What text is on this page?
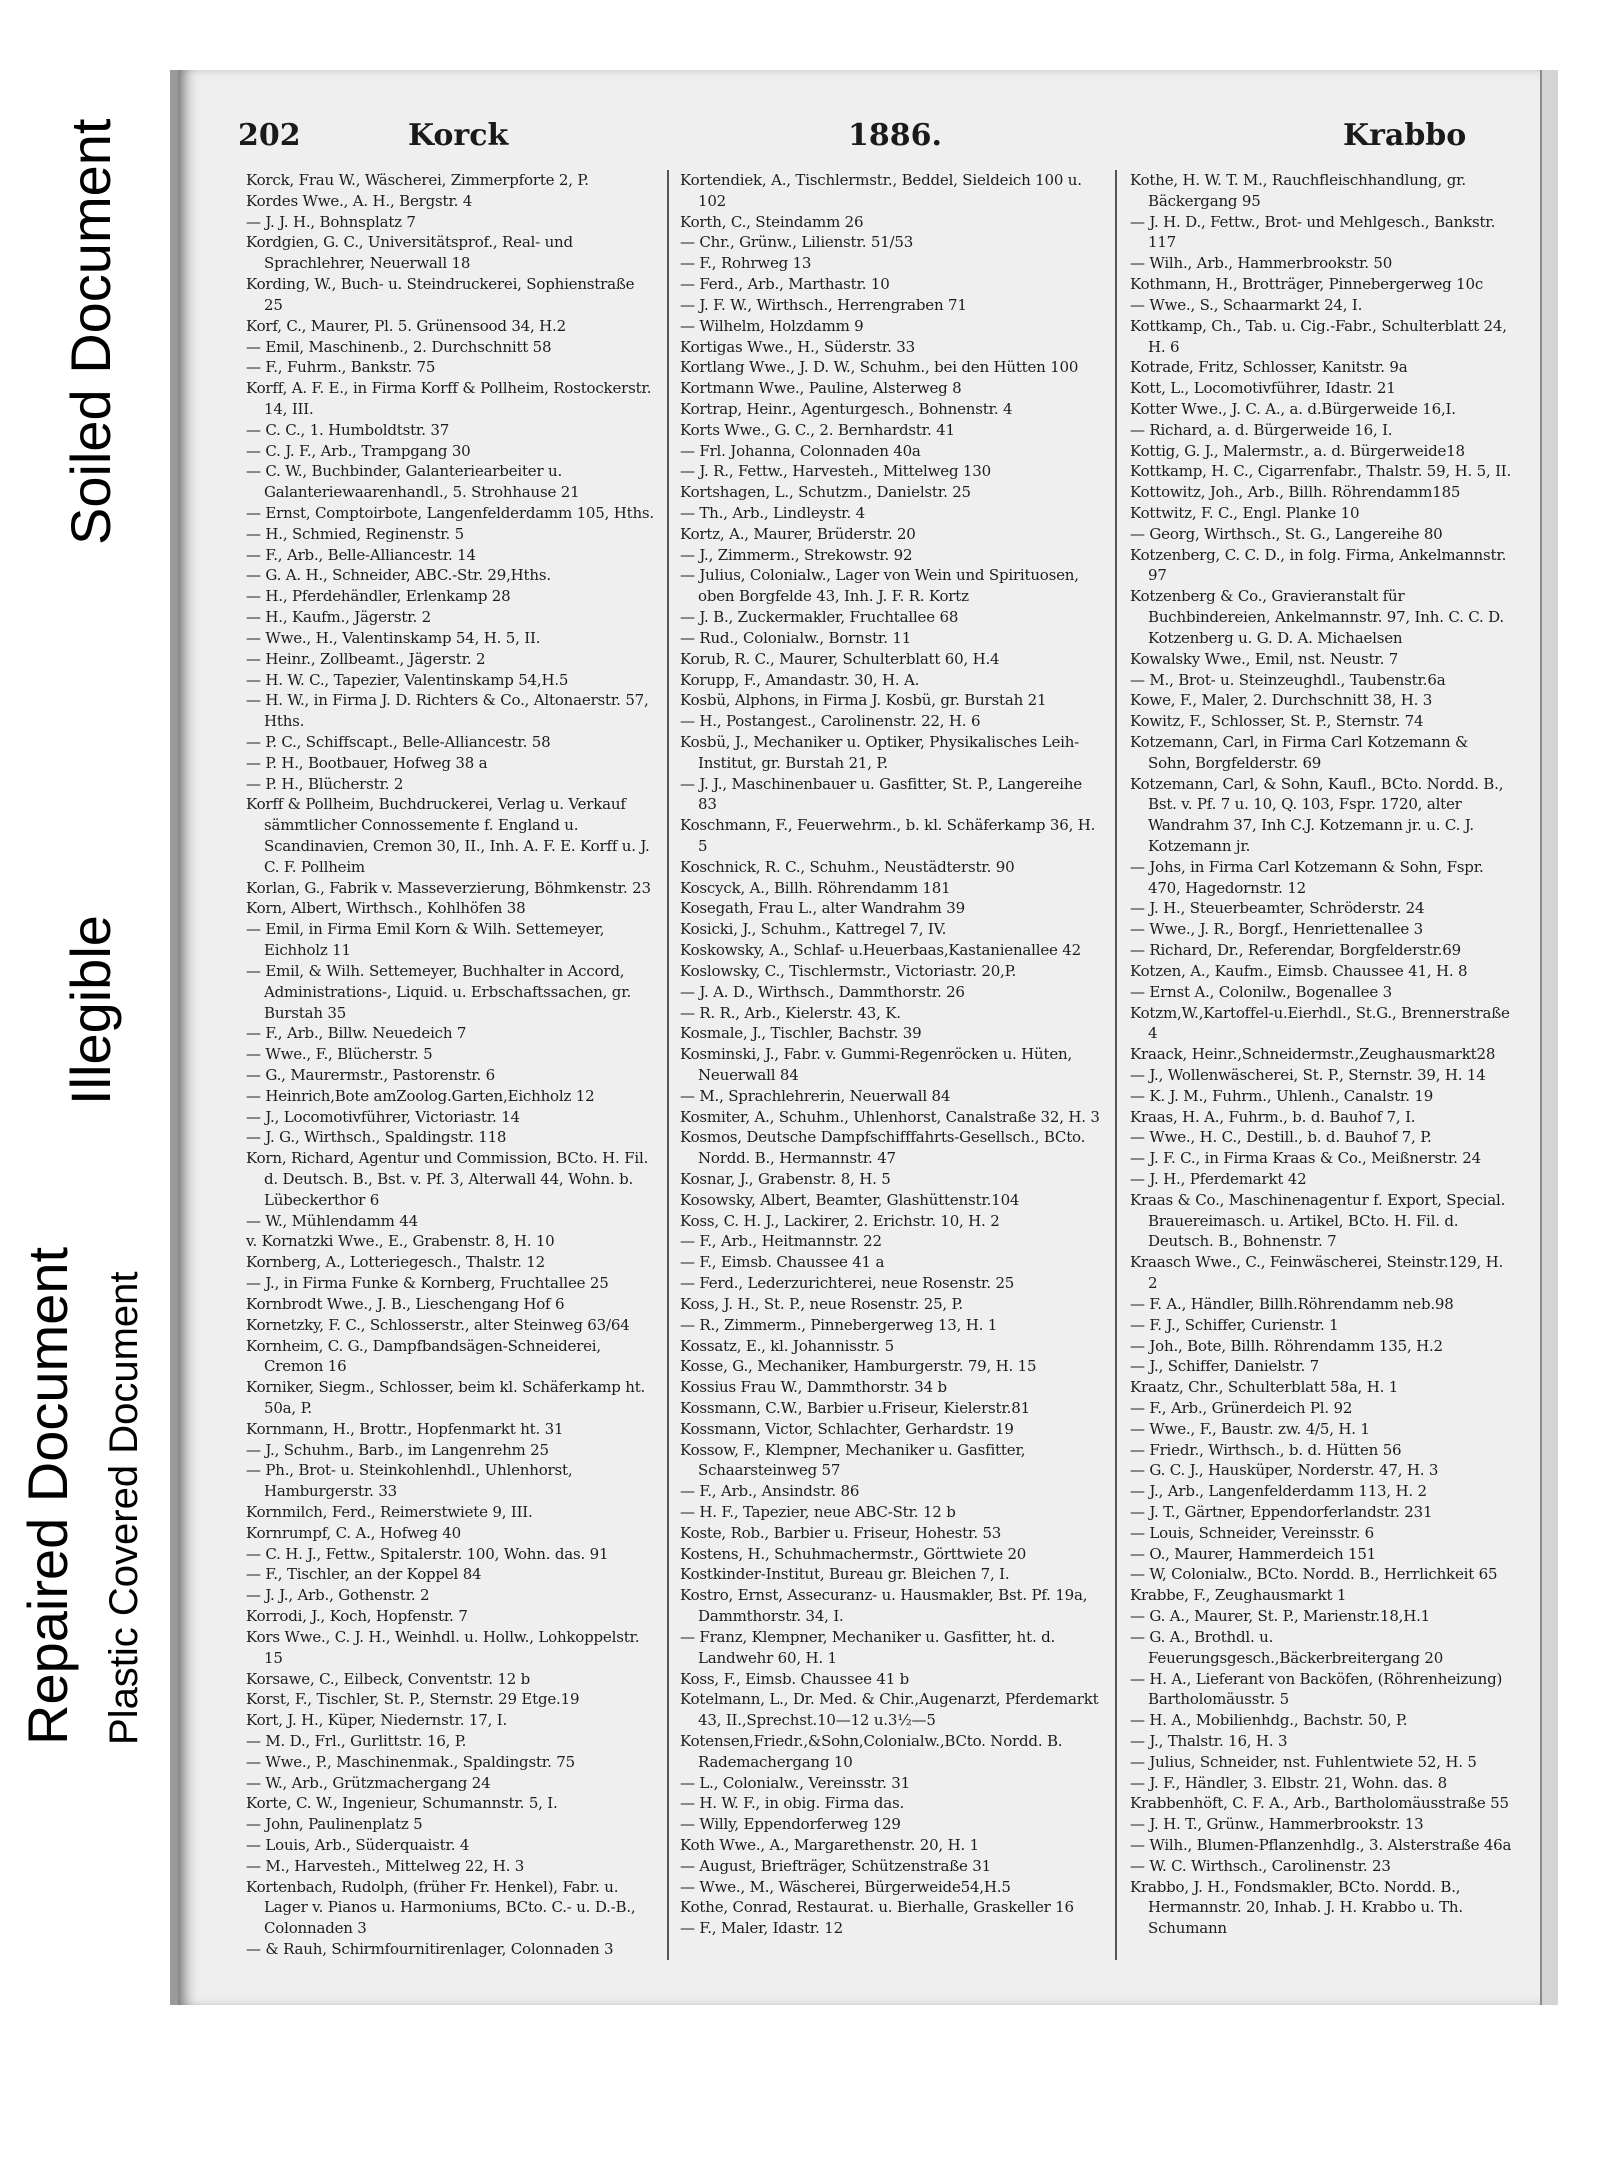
Soiled Document
Illegible
Repaired Document Plastic Covered Document
202	Korck	1886.	Krabbo

Korck, Frau W., Wäscherei, Zimmerpforte 2, P.

Kordes Wwe., A. H., Bergstr. 4

— J. J. H., Bohnsplatz 7

Kordgien, G. C., Universitätsprof., Real- und Sprachlehrer, Neuerwall 18

Kording, W., Buch- u. Steindruckerei, Sophienstraße 25

Korf, C., Maurer, Pl. 5. Grünensood 34, H.2

— Emil, Maschinenb., 2. Durchschnitt 58

— F., Fuhrm., Bankstr. 75

Korff, A. F. E., in Firma Korff & Pollheim, Rostockerstr. 14, III.

— C. C., 1. Humboldtstr. 37

— C. J. F., Arb., Trampgang 30

— C. W., Buchbinder, Galanteriearbeiter u. Galanteriewaarenhandl., 5. Strohhause 21

— Ernst, Comptoirbote, Langenfelderdamm 105, Hths.

— H., Schmied, Reginenstr. 5

— F., Arb., Belle-Alliancestr. 14

— G. A. H., Schneider, ABC.-Str. 29,Hths.

— H., Pferdehändler, Erlenkamp 28

— H., Kaufm., Jägerstr. 2

— Wwe., H., Valentinskamp 54, H. 5, II.

— Heinr., Zollbeamt., Jägerstr. 2

— H. W. C., Tapezier, Valentinskamp 54,H.5

— H. W., in Firma J. D. Richters & Co., Altonaerstr. 57, Hths.

— P. C., Schiffscapt., Belle-Alliancestr. 58

— P. H., Bootbauer, Hofweg 38 a

— P. H., Blücherstr. 2

Korff & Pollheim, Buchdruckerei, Verlag u. Verkauf sämmtlicher Connossemente f. England u. Scandinavien, Cremon 30, II., Inh. A. F. E. Korff u. J. C. F. Pollheim

Korlan, G., Fabrik v. Masseverzierung, Böhmkenstr. 23

Korn, Albert, Wirthsch., Kohlhöfen 38

— Emil, in Firma Emil Korn & Wilh. Settemeyer, Eichholz 11

— Emil, & Wilh. Settemeyer, Buchhalter in Accord, Administrations-, Liquid. u. Erbschaftssachen, gr. Burstah 35

— F., Arb., Billw. Neuedeich 7

— Wwe., F., Blücherstr. 5

— G., Maurermstr., Pastorenstr. 6

— Heinrich,Bote amZoolog.Garten,Eichholz 12

— J., Locomotivführer, Victoriastr. 14

— J. G., Wirthsch., Spaldingstr. 118

Korn, Richard, Agentur und Commission, BCto. H. Fil. d. Deutsch. B., Bst. v. Pf. 3, Alterwall 44, Wohn. b. Lübeckerthor 6

— W., Mühlendamm 44

v. Kornatzki Wwe., E., Grabenstr. 8, H. 10

Kornberg, A., Lotteriegesch., Thalstr. 12

— J., in Firma Funke & Kornberg, Fruchtallee 25

Kornbrodt Wwe., J. B., Lieschengang Hof 6

Kornetzky, F. C., Schlosserstr., alter Steinweg 63/64

Kornheim, C. G., Dampfbandsägen-Schneiderei, Cremon 16

Korniker, Siegm., Schlosser, beim kl. Schäferkamp ht. 50a, P.

Kornmann, H., Brottr., Hopfenmarkt ht. 31

— J., Schuhm., Barb., im Langenrehm 25

— Ph., Brot- u. Steinkohlenhdl., Uhlenhorst, Hamburgerstr. 33

Kornmilch, Ferd., Reimerstwiete 9, III.

Kornrumpf, C. A., Hofweg 40

— C. H. J., Fettw., Spitalerstr. 100, Wohn. das. 91

— F., Tischler, an der Koppel 84

— J. J., Arb., Gothenstr. 2

Korrodi, J., Koch, Hopfenstr. 7

Kors Wwe., C. J. H., Weinhdl. u. Hollw., Lohkoppelstr. 15

Korsawe, C., Eilbeck, Conventstr. 12 b

Korst, F., Tischler, St. P., Sternstr. 29 Etge.19

Kort, J. H., Küper, Niedernstr. 17, I.

— M. D., Frl., Gurlittstr. 16, P.

— Wwe., P., Maschinenmak., Spaldingstr. 75

— W., Arb., Grützmachergang 24

Korte, C. W., Ingenieur, Schumannstr. 5, I.

— John, Paulinenplatz 5

— Louis, Arb., Süderquaistr. 4

— M., Harvesteh., Mittelweg 22, H. 3

Kortenbach, Rudolph, (früher Fr. Henkel), Fabr. u. Lager v. Pianos u. Harmoniums, BCto. C.- u. D.-B., Colonnaden 3

— & Rauh, Schirmfournitirenlager, Colonnaden 3

Kortendiek, A., Tischlermstr., Beddel, Sieldeich 100 u. 102

Korth, C., Steindamm 26

— Chr., Grünw., Lilienstr. 51/53

— F., Rohrweg 13

— Ferd., Arb., Marthastr. 10

— J. F. W., Wirthsch., Herrengraben 71

— Wilhelm, Holzdamm 9

Kortigas Wwe., H., Süderstr. 33

Kortlang Wwe., J. D. W., Schuhm., bei den Hütten 100

Kortmann Wwe., Pauline, Alsterweg 8

Kortrap, Heinr., Agenturgesch., Bohnenstr. 4

Korts Wwe., G. C., 2. Bernhardstr. 41

— Frl. Johanna, Colonnaden 40a

— J. R., Fettw., Harvesteh., Mittelweg 130

Kortshagen, L., Schutzm., Danielstr. 25

— Th., Arb., Lindleystr. 4

Kortz, A., Maurer, Brüderstr. 20

— J., Zimmerm., Strekowstr. 92

— Julius, Colonialw., Lager von Wein und Spirituosen, oben Borgfelde 43, Inh. J. F. R. Kortz

— J. B., Zuckermakler, Fruchtallee 68

— Rud., Colonialw., Bornstr. 11

Korub, R. C., Maurer, Schulterblatt 60, H.4

Korupp, F., Amandastr. 30, H. A.

Kosbü, Alphons, in Firma J. Kosbü, gr. Burstah 21

— H., Postangest., Carolinenstr. 22, H. 6

Kosbü, J., Mechaniker u. Optiker, Physikalisches Leih-Institut, gr. Burstah 21, P.

— J. J., Maschinenbauer u. Gasfitter, St. P., Langereihe 83

Koschmann, F., Feuerwehrm., b. kl. Schäferkamp 36, H. 5

Koschnick, R. C., Schuhm., Neustädterstr. 90

Koscyck, A., Billh. Röhrendamm 181

Kosegath, Frau L., alter Wandrahm 39

Kosicki, J., Schuhm., Kattregel 7, IV.

Koskowsky, A., Schlaf- u.Heuerbaas,Kastanienallee 42

Koslowsky, C., Tischlermstr., Victoriastr. 20,P.

— J. A. D., Wirthsch., Dammthorstr. 26

— R. R., Arb., Kielerstr. 43, K.

Kosmale, J., Tischler, Bachstr. 39

Kosminski, J., Fabr. v. Gummi-Regenröcken u. Hüten, Neuerwall 84

— M., Sprachlehrerin, Neuerwall 84

Kosmiter, A., Schuhm., Uhlenhorst, Canalstraße 32, H. 3

Kosmos, Deutsche Dampfschifffahrts-Gesellsch., BCto. Nordd. B., Hermannstr. 47

Kosnar, J., Grabenstr. 8, H. 5

Kosowsky, Albert, Beamter, Glashüttenstr.104

Koss, C. H. J., Lackirer, 2. Erichstr. 10, H. 2

— F., Arb., Heitmannstr. 22

— F., Eimsb. Chaussee 41 a

— Ferd., Lederzurichterei, neue Rosenstr. 25

Koss, J. H., St. P., neue Rosenstr. 25, P.

— R., Zimmerm., Pinnebergerweg 13, H. 1

Kossatz, E., kl. Johannisstr. 5

Kosse, G., Mechaniker, Hamburgerstr. 79, H. 15

Kossius Frau W., Dammthorstr. 34 b

Kossmann, C.W., Barbier u.Friseur, Kielerstr.81

Kossmann, Victor, Schlachter, Gerhardstr. 19

Kossow, F., Klempner, Mechaniker u. Gasfitter, Schaarsteinweg 57

— F., Arb., Ansindstr. 86

— H. F., Tapezier, neue ABC-Str. 12 b

Koste, Rob., Barbier u. Friseur, Hohestr. 53

Kostens, H., Schuhmachermstr., Görttwiete 20

Kostkinder-Institut, Bureau gr. Bleichen 7, I.

Kostro, Ernst, Assecuranz- u. Hausmakler, Bst. Pf. 19a, Dammthorstr. 34, I.

— Franz, Klempner, Mechaniker u. Gasfitter, ht. d. Landwehr 60, H. 1

Koss, F., Eimsb. Chaussee 41 b

Kotelmann, L., Dr. Med. & Chir.,Augenarzt, Pferdemarkt 43, II.,Sprechst.10—12 u.3½—5

Kotensen,Friedr.,&Sohn,Colonialw.,BCto. Nordd. B. Rademachergang 10

— L., Colonialw., Vereinsstr. 31

— H. W. F., in obig. Firma das.

— Willy, Eppendorferweg 129

Koth Wwe., A., Margarethenstr. 20, H. 1

— August, Briefträger, Schützenstraße 31

— Wwe., M., Wäscherei, Bürgerweide54,H.5

Kothe, Conrad, Restaurat. u. Bierhalle, Graskeller 16

— F., Maler, Idastr. 12

Kothe, H. W. T. M., Rauchfleischhandlung, gr. Bäckergang 95

— J. H. D., Fettw., Brot- und Mehlgesch., Bankstr. 117

— Wilh., Arb., Hammerbrookstr. 50

Kothmann, H., Brotträger, Pinnebergerweg 10c

— Wwe., S., Schaarmarkt 24, I.

Kottkamp, Ch., Tab. u. Cig.-Fabr., Schulterblatt 24, H. 6

Kotrade, Fritz, Schlosser, Kanitstr. 9a

Kott, L., Locomotivführer, Idastr. 21

Kotter Wwe., J. C. A., a. d.Bürgerweide 16,I.

— Richard, a. d. Bürgerweide 16, I.

Kottig, G. J., Malermstr., a. d. Bürgerweide18

Kottkamp, H. C., Cigarrenfabr., Thalstr. 59, H. 5, II.

Kottowitz, Joh., Arb., Billh. Röhrendamm185

Kottwitz, F. C., Engl. Planke 10

— Georg, Wirthsch., St. G., Langereihe 80

Kotzenberg, C. C. D., in folg. Firma, Ankelmannstr. 97

Kotzenberg & Co., Gravieranstalt für Buchbindereien, Ankelmannstr. 97, Inh. C. C. D. Kotzenberg u. G. D. A. Michaelsen

Kowalsky Wwe., Emil, nst. Neustr. 7

— M., Brot- u. Steinzeughdl., Taubenstr.6a

Kowe, F., Maler, 2. Durchschnitt 38, H. 3

Kowitz, F., Schlosser, St. P., Sternstr. 74

Kotzemann, Carl, in Firma Carl Kotzemann & Sohn, Borgfelderstr. 69

Kotzemann, Carl, & Sohn, Kaufl., BCto. Nordd. B., Bst. v. Pf. 7 u. 10, Q. 103, Fspr. 1720, alter Wandrahm 37, Inh C.J. Kotzemann jr. u. C. J. Kotzemann jr.

— Johs, in Firma Carl Kotzemann & Sohn, Fspr. 470, Hagedornstr. 12

— J. H., Steuerbeamter, Schröderstr. 24

— Wwe., J. R., Borgf., Henriettenallee 3

— Richard, Dr., Referendar, Borgfelderstr.69

Kotzen, A., Kaufm., Eimsb. Chaussee 41, H. 8

— Ernst A., Colonilw., Bogenallee 3

Kotzm,W.,Kartoffel-u.Eierhdl., St.G., Brennerstraße 4

Kraack, Heinr.,Schneidermstr.,Zeughausmarkt28

— J., Wollenwäscherei, St. P., Sternstr. 39, H. 14

— K. J. M., Fuhrm., Uhlenh., Canalstr. 19

Kraas, H. A., Fuhrm., b. d. Bauhof 7, I.

— Wwe., H. C., Destill., b. d. Bauhof 7, P.

— J. F. C., in Firma Kraas & Co., Meißnerstr. 24

— J. H., Pferdemarkt 42

Kraas & Co., Maschinenagentur f. Export, Special. Brauereimasch. u. Artikel, BCto. H. Fil. d. Deutsch. B., Bohnenstr. 7

Kraasch Wwe., C., Feinwäscherei, Steinstr.129, H. 2

— F. A., Händler, Billh.Röhrendamm neb.98

— F. J., Schiffer, Curienstr. 1

— Joh., Bote, Billh. Röhrendamm 135, H.2

— J., Schiffer, Danielstr. 7

Kraatz, Chr., Schulterblatt 58a, H. 1

— F., Arb., Grünerdeich Pl. 92

— Wwe., F., Baustr. zw. 4/5, H. 1

— Friedr., Wirthsch., b. d. Hütten 56

— G. C. J., Hausküper, Norderstr. 47, H. 3

— J., Arb., Langenfelderdamm 113, H. 2

— J. T., Gärtner, Eppendorferlandstr. 231

— Louis, Schneider, Vereinsstr. 6

— O., Maurer, Hammerdeich 151

— W, Colonialw., BCto. Nordd. B., Herrlichkeit 65

Krabbe, F., Zeughausmarkt 1

— G. A., Maurer, St. P., Marienstr.18,H.1

— G. A., Brothdl. u. Feuerungsgesch.,Bäckerbreitergang 20

— H. A., Lieferant von Backöfen, (Röhrenheizung) Bartholomäusstr. 5

— H. A., Mobilienhdg., Bachstr. 50, P.

— J., Thalstr. 16, H. 3

— Julius, Schneider, nst. Fuhlentwiete 52, H. 5

— J. F., Händler, 3. Elbstr. 21, Wohn. das. 8

Krabbenhöft, C. F. A., Arb., Bartholomäusstraße 55

— J. H. T., Grünw., Hammerbrookstr. 13

— Wilh., Blumen-Pflanzenhdlg., 3. Alsterstraße 46a

— W. C. Wirthsch., Carolinenstr. 23

Krabbo, J. H., Fondsmakler, BCto. Nordd. B., Hermannstr. 20, Inhab. J. H. Krabbo u. Th. Schumann
